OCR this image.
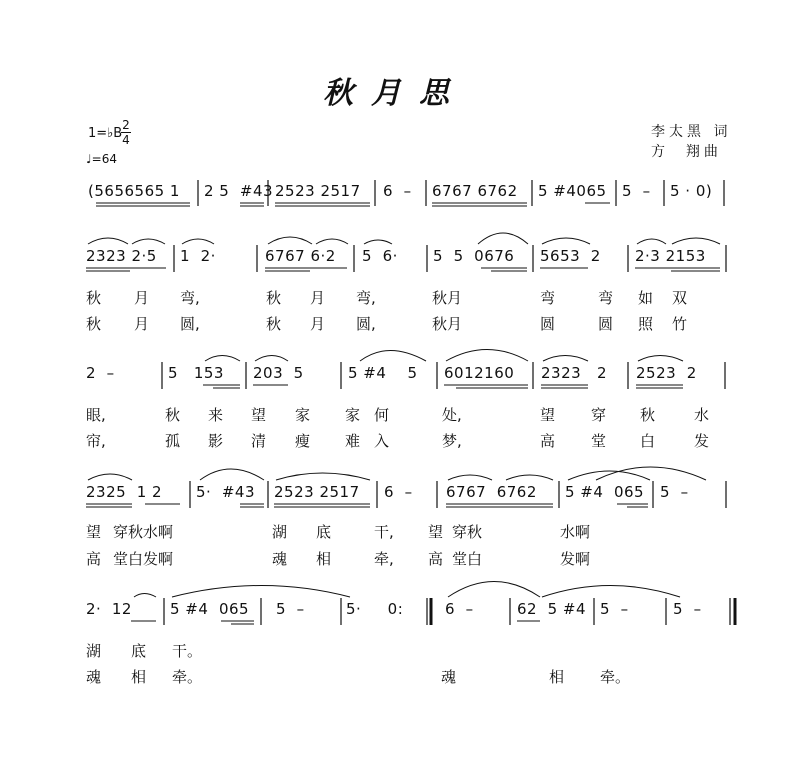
秋月思
1=♭B
2
4
♩=64
李太黑 词
方  翔曲
(5656565 1 2 5  #43 2523 2517 6  – 6767 6762 5 #4065 5  – 5 · 0)
2323 2·5 1  2·	6767 6·2 5  6· 5  5  0676 5653  2 2·3 2153
秋 月 弯,	秋 月 弯,	秋月	弯	弯 如 双
秋 月 圆,	秋 月 圆,	秋月	圆	圆 照 竹
2  –	5   153 203  5	5 #4    5 6012160 2323   2 2523  2
眼,	秋 来 望 家 家 何	处,	望 穿 秋	水
帘,	孤 影 清 瘦 难 入	梦,	高 堂 白	发
2325  1 2 5·  #43 2523 2517 6  – 6767  6762 5 #4  065 5  –
望 穿秋水啊	湖 底	干, 望 穿秋	水啊
高 堂白发啊	魂 相	牵, 高 堂白	发啊
2·  12	5 #4  065 5  –	5·     0:	6  –	62  5 #4 5  –	5  –
湖 底 干。
魂 相 牵。	魂	相 牵。
